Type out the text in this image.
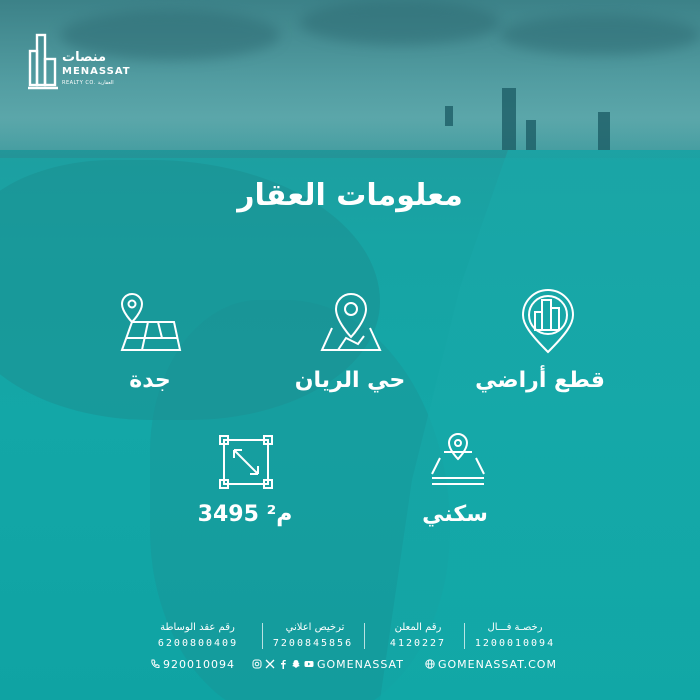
منصات
MENASSAT
REALTY CO. العقارية
معلومات العقار
جدة	حي الريان	قطع أراضي
3495 م²	سكني
رخصـة فـــال
1200010094
رقم المعلن
4120227
ترخيص اعلاني
7200845856
رقم عقد الوساطة
6200800409
920010094	GOMENASSAT	GOMENASSAT.COM
